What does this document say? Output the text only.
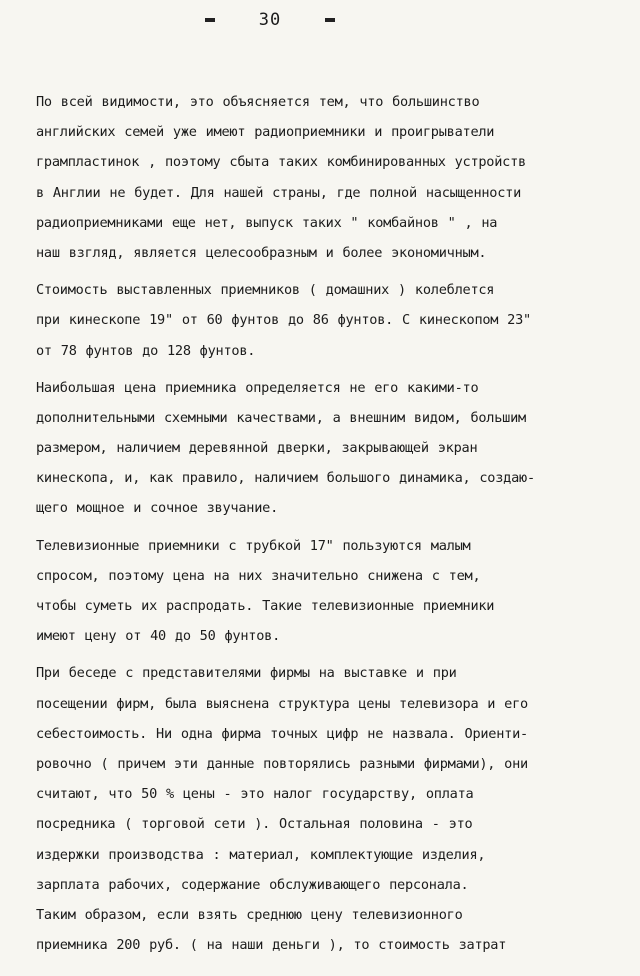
30
По всей видимости, это объясняется тем, что большинство
английских семей уже имеют радиоприемники и проигрыватели
грампластинок , поэтому сбыта таких комбинированных устройств
в Англии не будет. Для нашей страны, где полной насыщенности
радиоприемниками еще нет, выпуск таких " комбайнов " , на
наш взгляд, является целесообразным и более экономичным.
Стоимость выставленных приемников ( домашних ) колеблется
при кинескопе 19" от 60 фунтов до 86 фунтов. С кинескопом 23"
от 78 фунтов до 128 фунтов.
Наибольшая цена приемника определяется не его какими-то
дополнительными схемными качествами, а внешним видом, большим
размером, наличием деревянной дверки, закрывающей экран
кинескопа, и, как правило, наличием большого динамика, создаю-
щего мощное и сочное звучание.
Телевизионные приемники с трубкой 17" пользуются малым
спросом, поэтому цена на них значительно снижена с тем,
чтобы суметь их распродать. Такие телевизионные приемники
имеют цену от 40 до 50 фунтов.
При беседе с представителями фирмы на выставке и при
посещении фирм, была выяснена структура цены телевизора и его
себестоимость. Ни одна фирма точных цифр не назвала. Ориенти-
ровочно ( причем эти данные повторялись разными фирмами), они
считают, что 50 % цены - это налог государству, оплата
посредника ( торговой сети ). Остальная половина - это
издержки производства : материал, комплектующие изделия,
зарплата рабочих, содержание обслуживающего персонала.
Таким образом, если взять среднюю цену телевизионного
приемника 200 руб. ( на наши деньги ), то стоимость затрат
